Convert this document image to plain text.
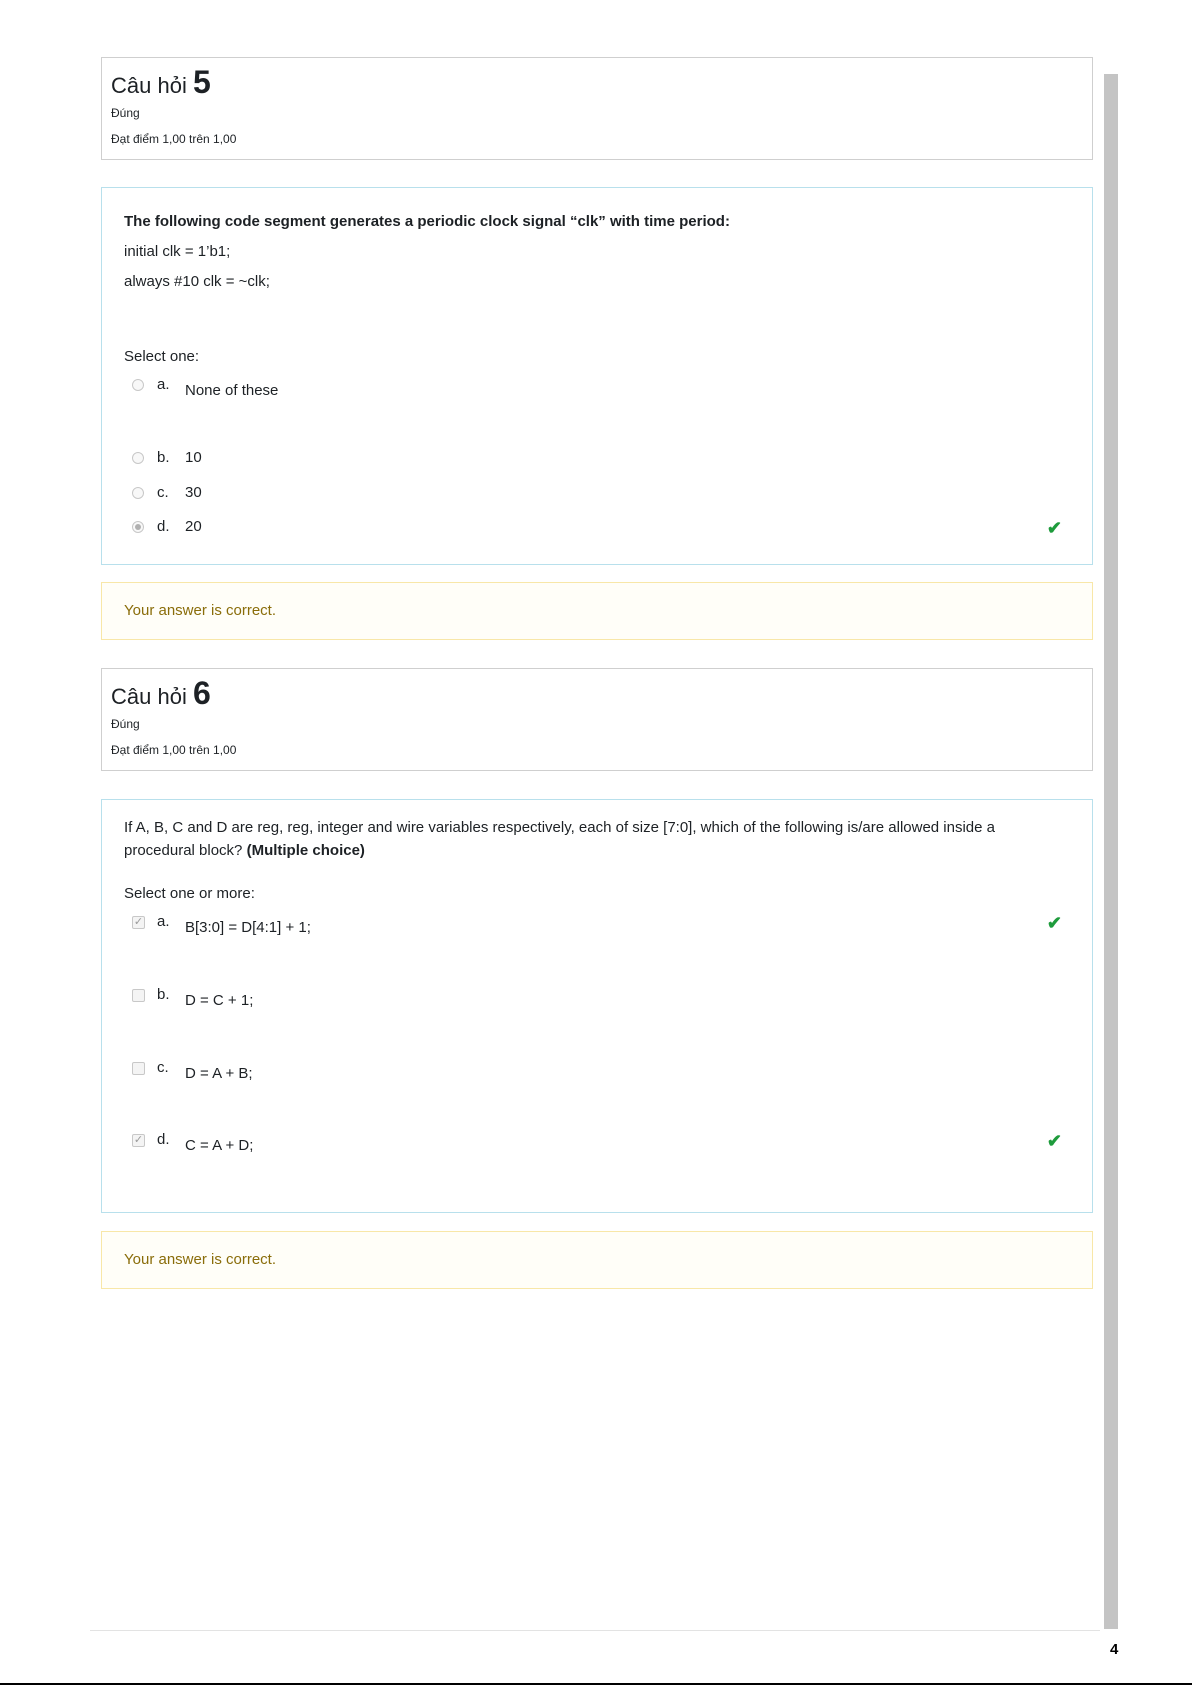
Câu hỏi 5
Đúng
Đạt điểm 1,00 trên 1,00
The following code segment generates a periodic clock signal “clk” with time period:
initial clk = 1’b1;
always #10 clk = ~clk;
Select one:
a. None of these
b. 10
c. 30
d. 20	✔
Your answer is correct.
Câu hỏi 6
Đúng
Đạt điểm 1,00 trên 1,00
If A, B, C and D are reg, reg, integer and wire variables respectively, each of size [7:0], which of the following is/are allowed inside a procedural block? (Multiple choice)
Select one or more:
✓ a. B[3:0] = D[4:1] + 1;	✔
b. D = C + 1;
c. D = A + B;
✓ d. C = A + D;	✔
Your answer is correct.
4
